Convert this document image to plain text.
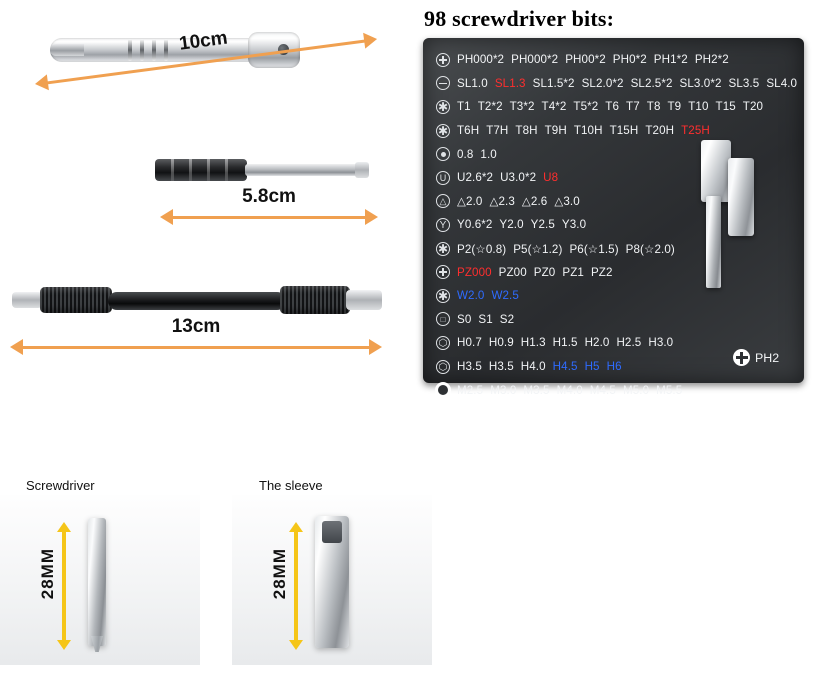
10cm
5.8cm
13cm
98 screwdriver bits:
PH000*2 PH000*2 PH00*2 PH0*2 PH1*2 PH2*2
SL1.0 SL1.3 SL1.5*2 SL2.0*2 SL2.5*2 SL3.0*2 SL3.5 SL4.0
✱ T1 T2*2 T3*2 T4*2 T5*2 T6 T7 T8 T9 T10 T15 T20
✱ T6H T7H T8H T9H T10H T15H T20H T25H
0.8 1.0
U U2.6*2 U3.0*2 U8
△ △2.0 △2.3 △2.6 △3.0
Y Y0.6*2 Y2.0 Y2.5 Y3.0
✱ P2(☆0.8) P5(☆1.2) P6(☆1.5) P8(☆2.0)
PZ000 PZ00 PZ0 PZ1 PZ2
✱ W2.0 W2.5
□ S0 S1 S2
⬡ H0.7 H0.9 H1.3 H1.5 H2.0 H2.5 H3.0
⬡ H3.5 H3.5 H4.0 H4.5 H5 H6
M2.5 M3.0 M3.5 M4.0 M4.5 M5.0 M5.5
PH2
Screwdriver	The sleeve
28MM	28MM
